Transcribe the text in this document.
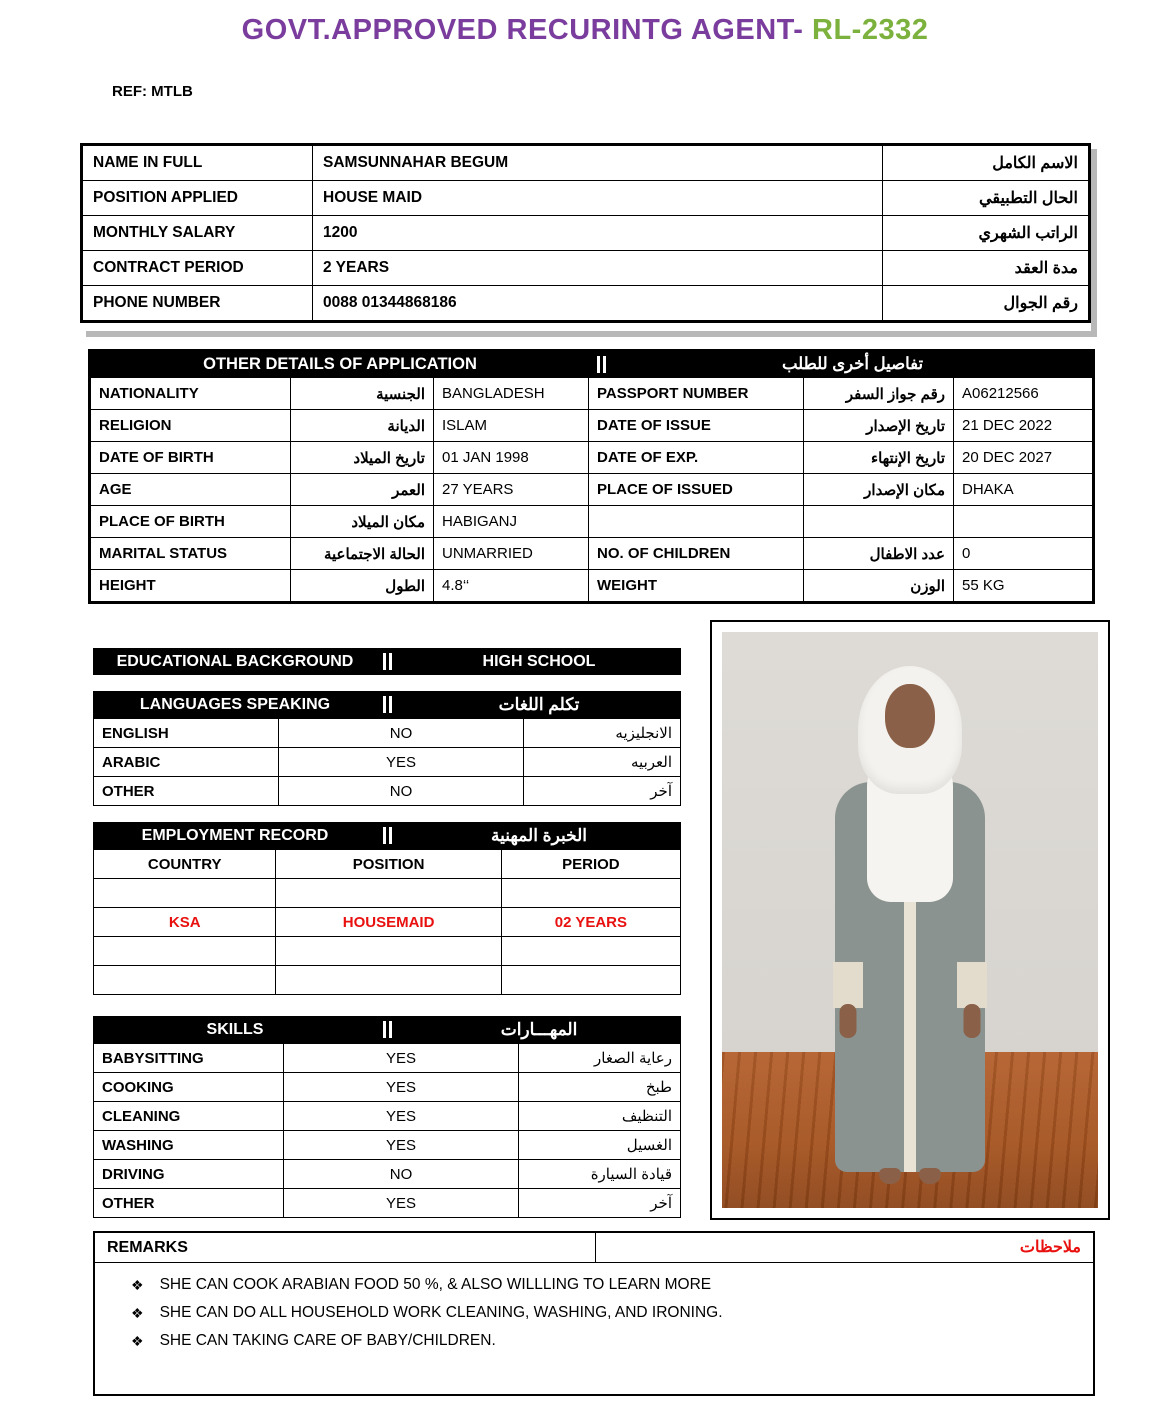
GOVT.APPROVED RECURINTG AGENT- RL-2332
REF: MTLB
NAME IN FULL	SAMSUNNAHAR BEGUM	الاسم الكامل
POSITION APPLIED	HOUSE MAID	الحال التطبيقي
MONTHLY SALARY	1200	الراتب الشهري
CONTRACT PERIOD	2 YEARS	مدة العقد
PHONE NUMBER	0088 01344868186	رقم الجوال
OTHER DETAILS OF APPLICATION	تفاصيل أخرى للطلب
NATIONALITY	الجنسية	BANGLADESH	PASSPORT NUMBER	رقم جواز السفر	A06212566
RELIGION	الديانة	ISLAM	DATE OF ISSUE	تاريخ الإصدار	21 DEC 2022
DATE OF BIRTH	تاريخ الميلاد	01 JAN 1998	DATE OF EXP.	تاريخ الإنتهاء	20 DEC 2027
AGE	العمر	27 YEARS	PLACE OF ISSUED	مكان الإصدار	DHAKA
PLACE OF BIRTH	مكان الميلاد	HABIGANJ			
MARITAL STATUS	الحالة الاجتماعية	UNMARRIED	NO. OF CHILDREN	عدد الاطفال	0
HEIGHT	الطول	4.8‘‘	WEIGHT	الوزن	55 KG
EDUCATIONAL BACKGROUND	HIGH SCHOOL
LANGUAGES SPEAKING	تكلم اللغات
ENGLISH	NO	الانجليزيه
ARABIC	YES	العربيه
OTHER	NO	آخر
EMPLOYMENT RECORD	الخبرة المهنية
COUNTRY	POSITION	PERIOD

KSA	HOUSEMAID	02 YEARS

SKILLS	المهـــارات
BABYSITTING	YES	رعاية الصغار
COOKING	YES	طبخ
CLEANING	YES	التنظيف
WASHING	YES	الغسيل
DRIVING	NO	قيادة السيارة
OTHER	YES	آخر
REMARKS	ملاحظات
❖ SHE CAN COOK ARABIAN FOOD 50 %, & ALSO WILLLING TO LEARN MORE
❖ SHE CAN DO ALL HOUSEHOLD WORK CLEANING, WASHING, AND IRONING.
❖ SHE CAN TAKING CARE OF BABY/CHILDREN.
